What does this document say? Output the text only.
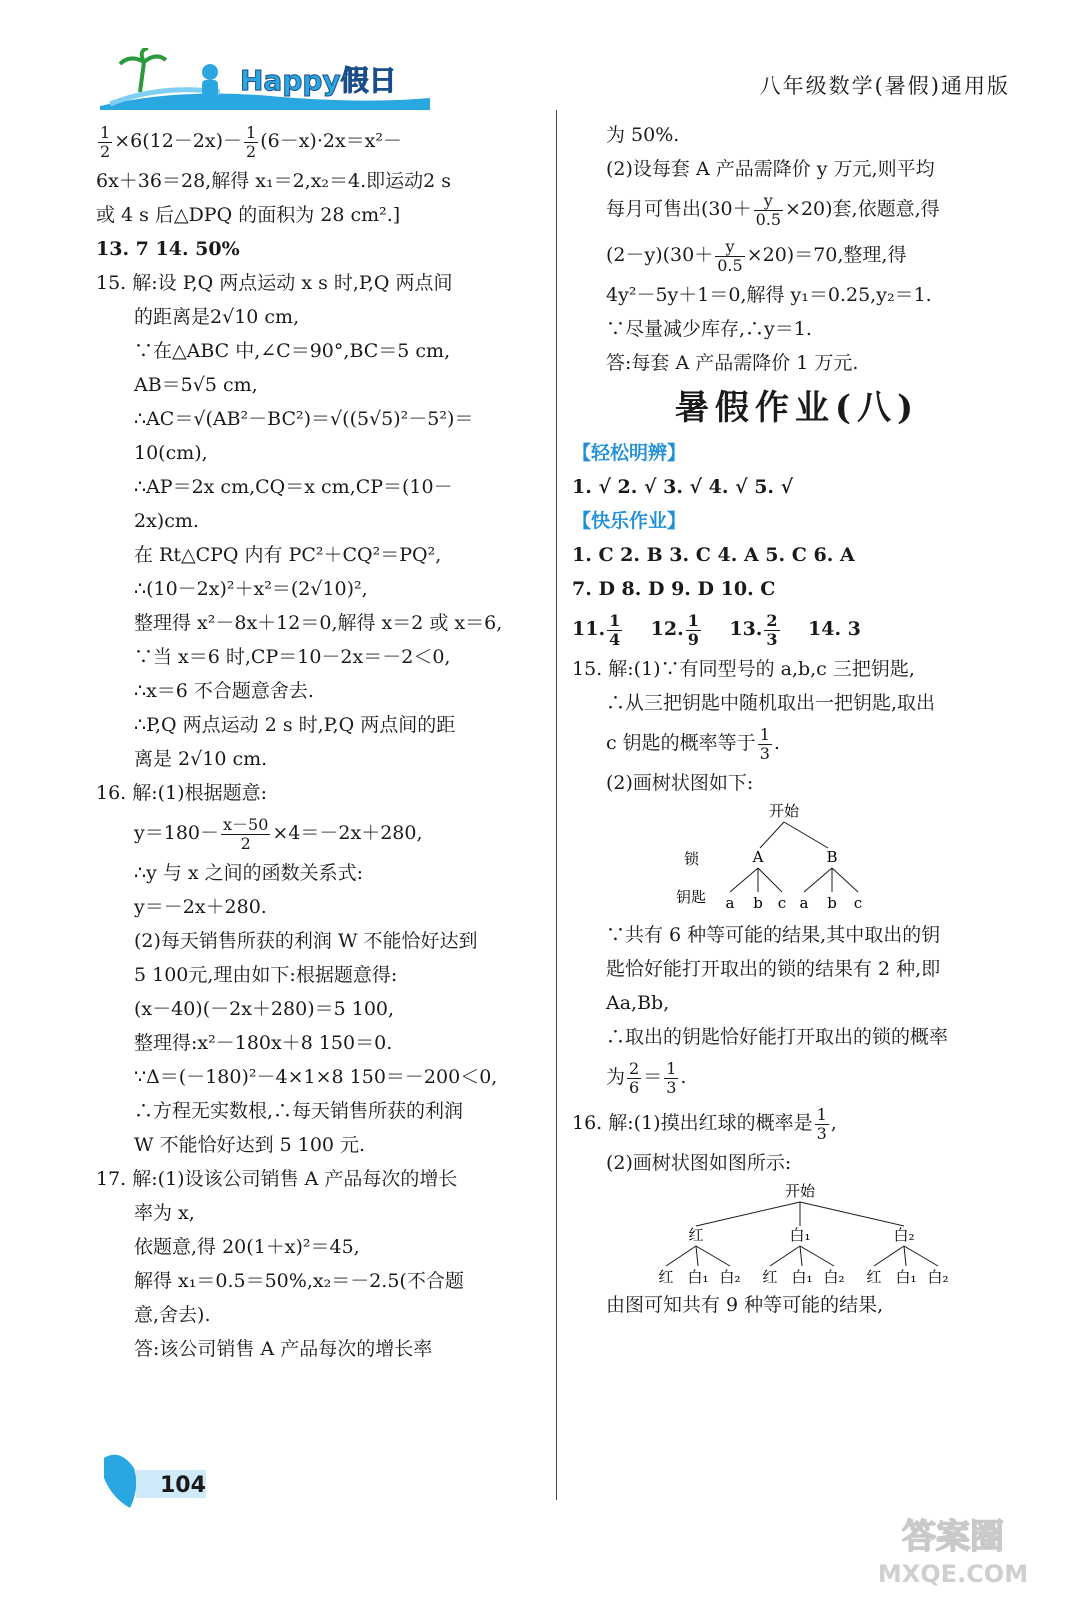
Happy假日	八年级数学(暑假)通用版
$\frac{1}{2} \times 6(12-2x)- \frac{1}{2} (6-x)\cdot 2x=x^2-$
6x＋36＝28,解得 x₁＝2,x₂＝4.即运动2 s
或 4 s 后△DPQ 的面积为 28 cm².]
13. 7 14. 50%
15. 解:设 P,Q 两点运动 x s 时,P,Q 两点间
的距离是2√10 cm,
∵在△ABC 中,∠C＝90°,BC＝5 cm,
AB＝5√5 cm,
∴AC＝√(AB²－BC²)＝√((5√5)²－5²)＝
10(cm),
∴AP＝2x cm,CQ＝x cm,CP＝(10－
2x)cm.
在 Rt△CPQ 内有 PC²＋CQ²＝PQ²,
∴(10－2x)²＋x²＝(2√10)²,
整理得 x²－8x＋12＝0,解得 x＝2 或 x＝6,
∵当 x＝6 时,CP＝10－2x＝－2＜0,
∴x＝6 不合题意舍去.
∴P,Q 两点运动 2 s 时,P,Q 两点间的距
离是 2√10 cm.
16. 解:(1)根据题意:
$y=180- \frac{x-50}{2} \times 4=-2x+280$,
∴y 与 x 之间的函数关系式:
y＝－2x＋280.
(2)每天销售所获的利润 W 不能恰好达到
5 100元,理由如下:根据题意得:
(x－40)(－2x＋280)＝5 100,
整理得:x²－180x＋8 150＝0.
∵Δ＝(－180)²－4×1×8 150＝－200＜0,
∴方程无实数根,∴每天销售所获的利润
W 不能恰好达到 5 100 元.
17. 解:(1)设该公司销售 A 产品每次的增长
率为 x,
依题意,得 20(1＋x)²＝45,
解得 x₁＝0.5＝50%,x₂＝－2.5(不合题
意,舍去).
答:该公司销售 A 产品每次的增长率
为 50%.
(2)设每套 A 产品需降价 y 万元,则平均
每月可售出$(30+ \frac{y}{0.5} \times 20)$套,依题意,得
$(2-y)(30+ \frac{y}{0.5} \times 20)=70$,整理,得
4y²－5y＋1＝0,解得 y₁＝0.25,y₂＝1.
∵尽量减少库存,∴y＝1.
答:每套 A 产品需降价 1 万元.
暑假作业(八)
【轻松明辨】
1. √ 2. √ 3. √ 4. √ 5. √
【快乐作业】
1. C 2. B 3. C 4. A 5. C 6. A
7. D 8. D 9. D 10. C
11. $\frac{1}{4} 12$. $\frac{1}{9} 13$. $\frac{2}{3} 14$. 3
15. 解:(1)∵有同型号的 a,b,c 三把钥匙,
∴从三把钥匙中随机取出一把钥匙,取出
c 钥匙的概率等于 $\frac{1}{3}$ .
(2)画树状图如下:
开始
锁
钥匙
A	B
a b c a b c
∵共有 6 种等可能的结果,其中取出的钥
匙恰好能打开取出的锁的结果有 2 种,即
Aa,Bb,
∴取出的钥匙恰好能打开取出的锁的概率
为 $\frac{2}{6} = \frac{1}{3}$ .
16. 解:(1)摸出红球的概率是 $\frac{1}{3}$ ,
(2)画树状图如图所示:
开始
红	白₁	白₂
红 白₁ 白₂ 红 白₁ 白₂ 红 白₁ 白₂
由图可知共有 9 种等可能的结果,
104
答案圈
MXQE.COM
